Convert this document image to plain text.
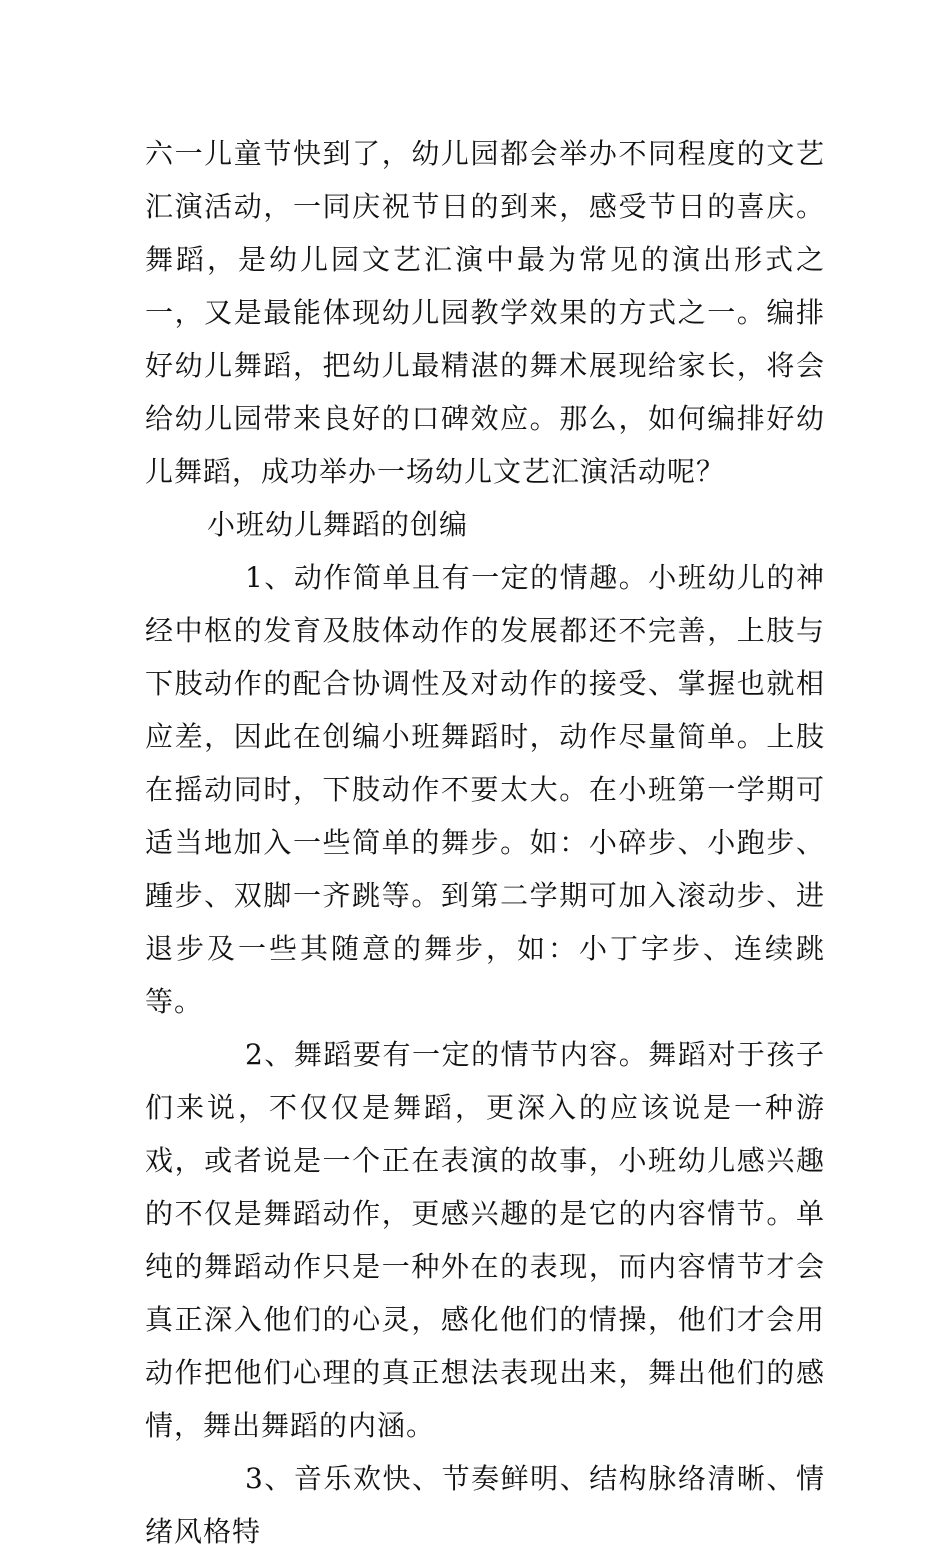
六一儿童节快到了，幼儿园都会举办不同程度的文艺汇演活动，一同庆祝节日的到来，感受节日的喜庆。舞蹈，是幼儿园文艺汇演中最为常见的演出形式之一，又是最能体现幼儿园教学效果的方式之一。编排好幼儿舞蹈，把幼儿最精湛的舞术展现给家长，将会给幼儿园带来良好的口碑效应。那么，如何编排好幼儿舞蹈，成功举办一场幼儿文艺汇演活动呢？

小班幼儿舞蹈的创编

1、动作简单且有一定的情趣。小班幼儿的神经中枢的发育及肢体动作的发展都还不完善，上肢与下肢动作的配合协调性及对动作的接受、掌握也就相应差，因此在创编小班舞蹈时，动作尽量简单。上肢在摇动同时，下肢动作不要太大。在小班第一学期可适当地加入一些简单的舞步。如：小碎步、小跑步、踵步、双脚一齐跳等。到第二学期可加入滚动步、进退步及一些其随意的舞步，如：小丁字步、连续跳等。

2、舞蹈要有一定的情节内容。舞蹈对于孩子们来说，不仅仅是舞蹈，更深入的应该说是一种游戏，或者说是一个正在表演的故事，小班幼儿感兴趣的不仅是舞蹈动作，更感兴趣的是它的内容情节。单纯的舞蹈动作只是一种外在的表现，而内容情节才会真正深入他们的心灵，感化他们的情操，他们才会用动作把他们心理的真正想法表现出来，舞出他们的感情，舞出舞蹈的内涵。

3、音乐欢快、节奏鲜明、结构脉络清晰、情绪风格特
